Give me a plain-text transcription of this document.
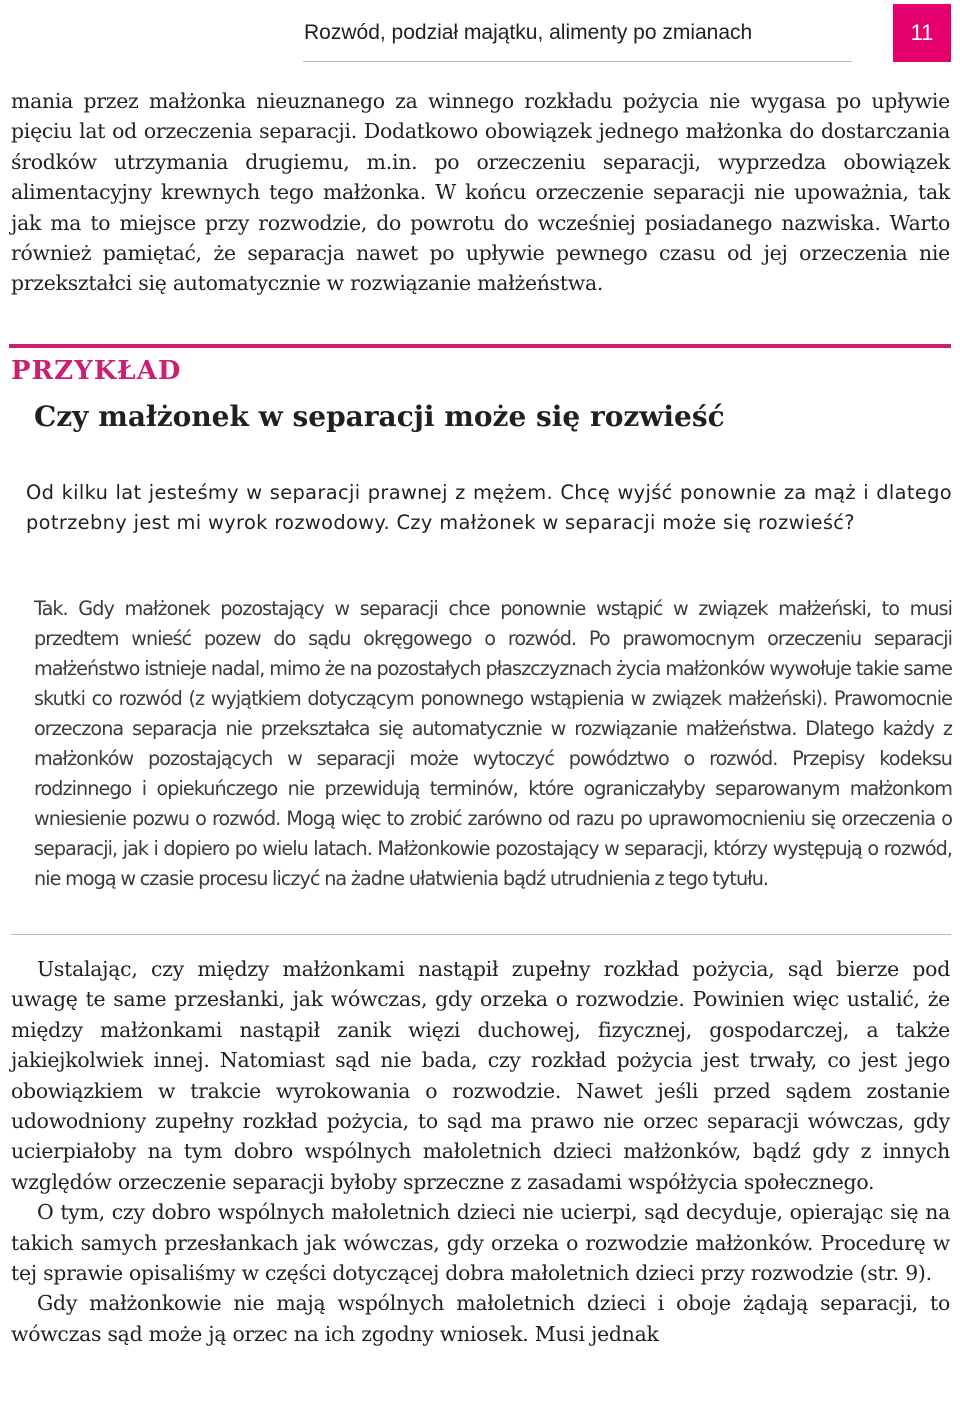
Rozwód, podział majątku, alimenty po zmianach	11

mania przez małżonka nieuznanego za winnego rozkładu pożycia nie wygasa po upływie pięciu lat od orzeczenia separacji. Dodatkowo obowiązek jednego małżonka do dostarczania środków utrzymania drugiemu, m.in. po orzeczeniu separacji, wyprzedza obowiązek alimentacyjny krewnych tego małżonka. W końcu orzeczenie separacji nie upoważnia, tak jak ma to miejsce przy rozwodzie, do powrotu do wcześniej posiadanego nazwiska. Warto również pamiętać, że separacja nawet po upływie pewnego czasu od jej orzeczenia nie przekształci się automatycznie w rozwiązanie małżeństwa.

PRZYKŁAD
Czy małżonek w separacji może się rozwieść

Od kilku lat jesteśmy w separacji prawnej z mężem. Chcę wyjść ponownie za mąż i dlatego potrzebny jest mi wyrok rozwodowy. Czy małżonek w separacji może się rozwieść?

Tak. Gdy małżonek pozostający w separacji chce ponownie wstąpić w związek małżeński, to musi przedtem wnieść pozew do sądu okręgowego o rozwód. Po prawomocnym orzeczeniu separacji małżeństwo istnieje nadal, mimo że na pozostałych płaszczyznach życia małżonków wywołuje takie same skutki co rozwód (z wyjątkiem dotyczącym ponownego wstąpienia w związek małżeński). Prawomocnie orzeczona separacja nie przekształca się automatycznie w rozwiązanie małżeństwa. Dlatego każdy z małżonków pozostających w separacji może wytoczyć powództwo o rozwód. Przepisy kodeksu rodzinnego i opiekuńczego nie przewidują terminów, które ograniczałyby separowanym małżonkom wniesienie pozwu o rozwód. Mogą więc to zrobić zarówno od razu po uprawomocnieniu się orzeczenia o separacji, jak i dopiero po wielu latach. Małżonkowie pozostający w separacji, którzy występują o rozwód, nie mogą w czasie procesu liczyć na żadne ułatwienia bądź utrudnienia z tego tytułu.

Ustalając, czy między małżonkami nastąpił zupełny rozkład pożycia, sąd bierze pod uwagę te same przesłanki, jak wówczas, gdy orzeka o rozwodzie. Powinien więc ustalić, że między małżonkami nastąpił zanik więzi duchowej, fizycznej, gospodarczej, a także jakiejkolwiek innej. Natomiast sąd nie bada, czy rozkład pożycia jest trwały, co jest jego obowiązkiem w trakcie wyrokowania o rozwodzie. Nawet jeśli przed sądem zostanie udowodniony zupełny rozkład pożycia, to sąd ma prawo nie orzec separacji wówczas, gdy ucierpiałoby na tym dobro wspólnych małoletnich dzieci małżonków, bądź gdy z innych względów orzeczenie separacji byłoby sprzeczne z zasadami współżycia społecznego.

O tym, czy dobro wspólnych małoletnich dzieci nie ucierpi, sąd decyduje, opierając się na takich samych przesłankach jak wówczas, gdy orzeka o rozwodzie małżonków. Procedurę w tej sprawie opisaliśmy w części dotyczącej dobra małoletnich dzieci przy rozwodzie (str. 9).

Gdy małżonkowie nie mają wspólnych małoletnich dzieci i oboje żądają separacji, to wówczas sąd może ją orzec na ich zgodny wniosek. Musi jednak
